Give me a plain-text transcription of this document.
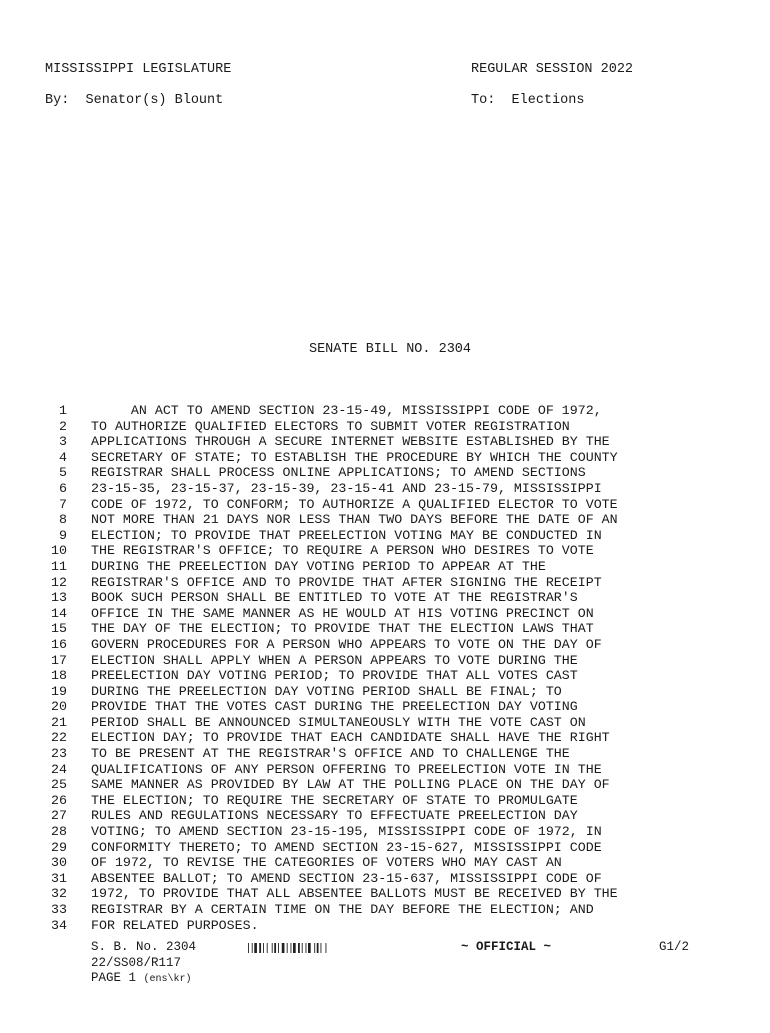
MISSISSIPPI LEGISLATURE
By: Senator(s) Blount
REGULAR SESSION 2022
To: Elections
SENATE BILL NO. 2304
1 AN ACT TO AMEND SECTION 23-15-49, MISSISSIPPI CODE OF 1972,
2 TO AUTHORIZE QUALIFIED ELECTORS TO SUBMIT VOTER REGISTRATION
3 APPLICATIONS THROUGH A SECURE INTERNET WEBSITE ESTABLISHED BY THE
4 SECRETARY OF STATE; TO ESTABLISH THE PROCEDURE BY WHICH THE COUNTY
5 REGISTRAR SHALL PROCESS ONLINE APPLICATIONS; TO AMEND SECTIONS
6 23-15-35, 23-15-37, 23-15-39, 23-15-41 AND 23-15-79, MISSISSIPPI
7 CODE OF 1972, TO CONFORM; TO AUTHORIZE A QUALIFIED ELECTOR TO VOTE
8 NOT MORE THAN 21 DAYS NOR LESS THAN TWO DAYS BEFORE THE DATE OF AN
9 ELECTION; TO PROVIDE THAT PREELECTION VOTING MAY BE CONDUCTED IN
10 THE REGISTRAR'S OFFICE; TO REQUIRE A PERSON WHO DESIRES TO VOTE
11 DURING THE PREELECTION DAY VOTING PERIOD TO APPEAR AT THE
12 REGISTRAR'S OFFICE AND TO PROVIDE THAT AFTER SIGNING THE RECEIPT
13 BOOK SUCH PERSON SHALL BE ENTITLED TO VOTE AT THE REGISTRAR'S
14 OFFICE IN THE SAME MANNER AS HE WOULD AT HIS VOTING PRECINCT ON
15 THE DAY OF THE ELECTION; TO PROVIDE THAT THE ELECTION LAWS THAT
16 GOVERN PROCEDURES FOR A PERSON WHO APPEARS TO VOTE ON THE DAY OF
17 ELECTION SHALL APPLY WHEN A PERSON APPEARS TO VOTE DURING THE
18 PREELECTION DAY VOTING PERIOD; TO PROVIDE THAT ALL VOTES CAST
19 DURING THE PREELECTION DAY VOTING PERIOD SHALL BE FINAL; TO
20 PROVIDE THAT THE VOTES CAST DURING THE PREELECTION DAY VOTING
21 PERIOD SHALL BE ANNOUNCED SIMULTANEOUSLY WITH THE VOTE CAST ON
22 ELECTION DAY; TO PROVIDE THAT EACH CANDIDATE SHALL HAVE THE RIGHT
23 TO BE PRESENT AT THE REGISTRAR'S OFFICE AND TO CHALLENGE THE
24 QUALIFICATIONS OF ANY PERSON OFFERING TO PREELECTION VOTE IN THE
25 SAME MANNER AS PROVIDED BY LAW AT THE POLLING PLACE ON THE DAY OF
26 THE ELECTION; TO REQUIRE THE SECRETARY OF STATE TO PROMULGATE
27 RULES AND REGULATIONS NECESSARY TO EFFECTUATE PREELECTION DAY
28 VOTING; TO AMEND SECTION 23-15-195, MISSISSIPPI CODE OF 1972, IN
29 CONFORMITY THERETO; TO AMEND SECTION 23-15-627, MISSISSIPPI CODE
30 OF 1972, TO REVISE THE CATEGORIES OF VOTERS WHO MAY CAST AN
31 ABSENTEE BALLOT; TO AMEND SECTION 23-15-637, MISSISSIPPI CODE OF
32 1972, TO PROVIDE THAT ALL ABSENTEE BALLOTS MUST BE RECEIVED BY THE
33 REGISTRAR BY A CERTAIN TIME ON THE DAY BEFORE THE ELECTION; AND
34 FOR RELATED PURPOSES.

S. B. No. 2304

	~ OFFICIAL ~

	G1/2

22/SS08/R117
PAGE 1 (ens\kr)
